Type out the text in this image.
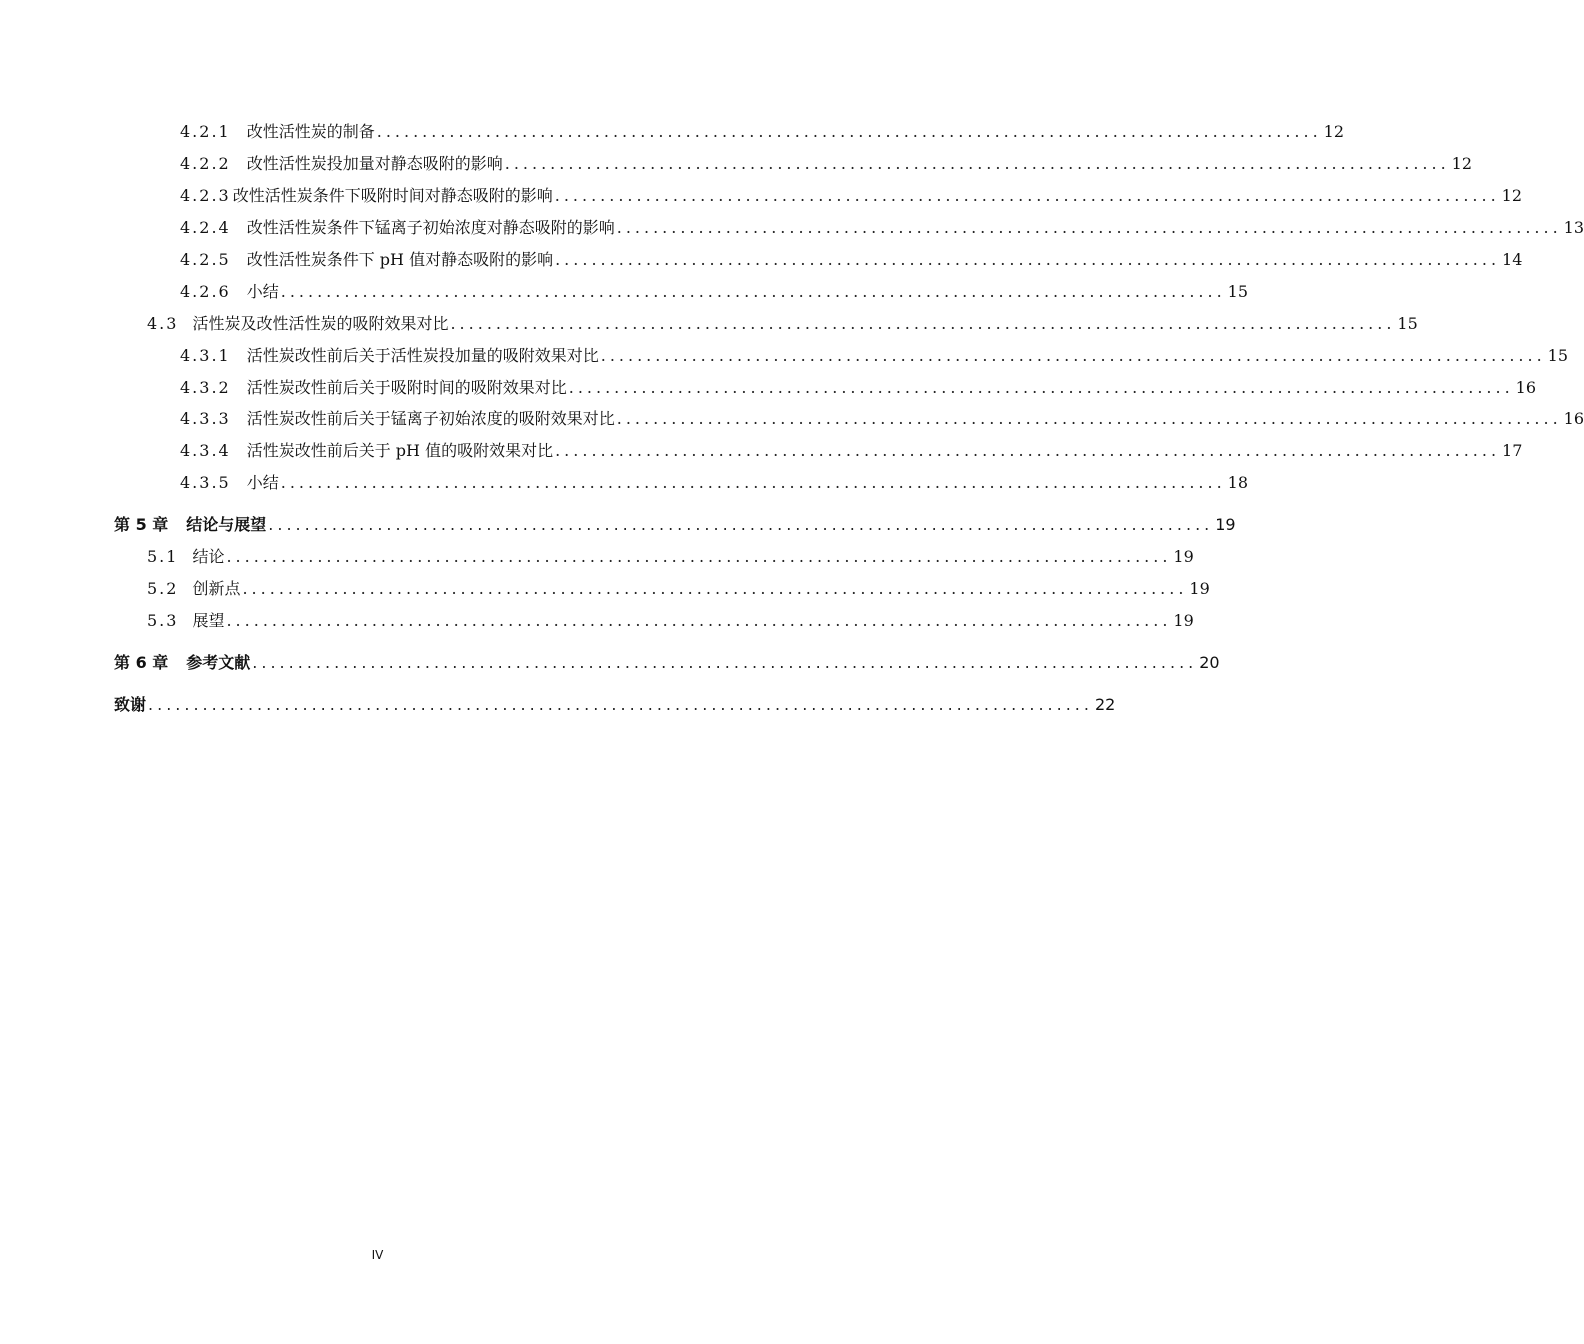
4.2.1 改性活性炭的制备 ........................................................................................................ 12
4.2.2 改性活性炭投加量对静态吸附的影响 ........................................................................................................ 12
4.2.3 改性活性炭条件下吸附时间对静态吸附的影响 ........................................................................................................ 12
4.2.4 改性活性炭条件下锰离子初始浓度对静态吸附的影响 ........................................................................................................ 13
4.2.5 改性活性炭条件下 pH 值对静态吸附的影响 ........................................................................................................ 14
4.2.6 小结 ........................................................................................................ 15
4.3 活性炭及改性活性炭的吸附效果对比 ........................................................................................................ 15
4.3.1 活性炭改性前后关于活性炭投加量的吸附效果对比 ........................................................................................................ 15
4.3.2 活性炭改性前后关于吸附时间的吸附效果对比 ........................................................................................................ 16
4.3.3 活性炭改性前后关于锰离子初始浓度的吸附效果对比 ........................................................................................................ 16
4.3.4 活性炭改性前后关于 pH 值的吸附效果对比 ........................................................................................................ 17
4.3.5 小结 ........................................................................................................ 18
第 5 章 结论与展望 ........................................................................................................ 19
5.1 结论 ........................................................................................................ 19
5.2 创新点 ........................................................................................................ 19
5.3 展望 ........................................................................................................ 19
第 6 章 参考文献 ........................................................................................................ 20
致谢 ........................................................................................................ 22
IV
